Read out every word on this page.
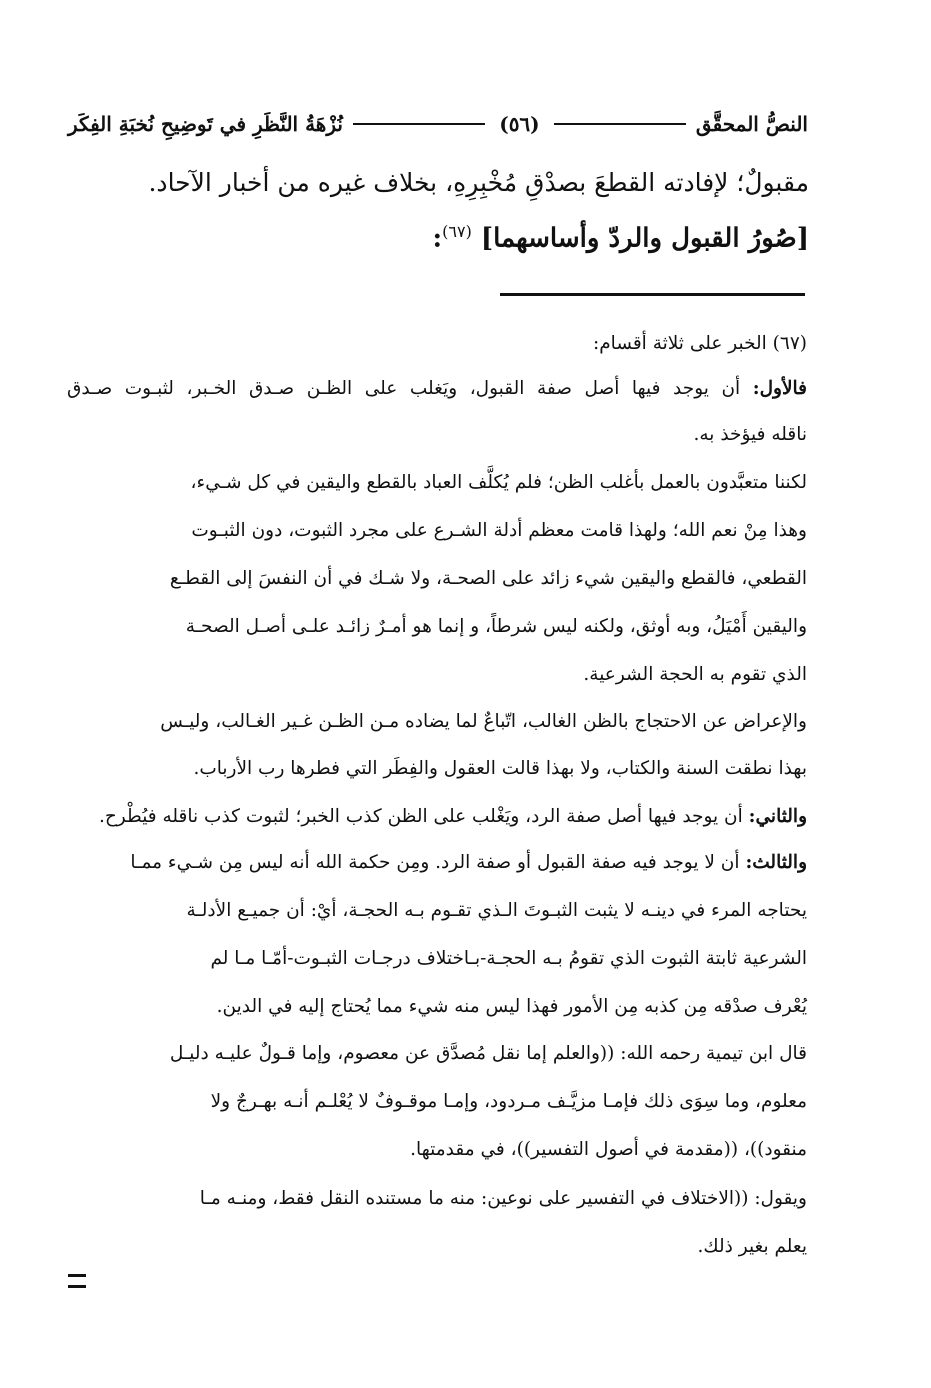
النصُّ المحقَّق
(٥٦)
نُزْهَةُ النَّظَرِ في تَوضِيحِ نُخبَةِ الفِكَر
مقبولٌ؛ لإفادته القطعَ بصدْقِ مُخْبِرِهِ، بخلاف غيره من أخبار الآحاد.
[صُورُ القبول والردّ وأساسهما] $^{(٦٧)}$:
(٦٧) الخبر على ثلاثة أقسام:
فالأول: أن يوجد فيها أصل صفة القبول، ويَغلب على الظـن صـدق الخـبر، لثبـوت صـدق
ناقله فيؤخذ به.
لكننا متعبَّدون بالعمل بأغلب الظن؛ فلم يُكلَّف العباد بالقطع واليقين في كل شـيء،
وهذا مِنْ نعم الله؛ ولهذا قامت معظم أدلة الشـرع على مجرد الثبوت، دون الثبـوت
القطعي، فالقطع واليقين شيء زائد على الصحـة، ولا شـك في أن النفسَ إلى القطـع
واليقين أَمْيَلُ، وبه أوثق، ولكنه ليس شرطاً، و إنما هو أمـرٌ زائـد علـى أصـل الصحـة
الذي تقوم به الحجة الشرعية.
والإعراض عن الاحتجاج بالظن الغالب، اتّباعٌ لما يضاده مـن الظـن غـير الغـالب، وليـس
بهذا نطقت السنة والكتاب، ولا بهذا قالت العقول والفِطَر التي فطرها رب الأرباب.
والثاني: أن يوجد فيها أصل صفة الرد، ويَغْلب على الظن كذب الخبر؛ لثبوت كذب ناقله فيُطْرح.
والثالث: أن لا يوجد فيه صفة القبول أو صفة الرد. ومِن حكمة الله أنه ليس مِن شـيء ممـا
يحتاجه المرء في دينـه لا يثبت الثبـوتَ الـذي تقـوم بـه الحجـة، أيْ: أن جميـع الأدلـة
الشرعية ثابتة الثبوت الذي تقومُ بـه الحجـة-بـاختلاف درجـات الثبـوت-أمّـا مـا لم
يُعْرف صدْقه مِن كذبه مِن الأمور فهذا ليس منه شيء مما يُحتاج إليه في الدين.
قال ابن تيمية رحمه الله: ((والعلم إما نقل مُصدَّق عن معصوم، وإما قـولٌ عليـه دليـل
معلوم، وما سِوَى ذلك فإمـا مزيَّـف مـردود، وإمـا موقـوفٌ لا يُعْلـم أنـه بهـرجٌ ولا
منقود))، ((مقدمة في أصول التفسير))، في مقدمتها.
ويقول: ((الاختلاف في التفسير على نوعين: منه ما مستنده النقل فقط، ومنـه مـا
يعلم بغير ذلك.
